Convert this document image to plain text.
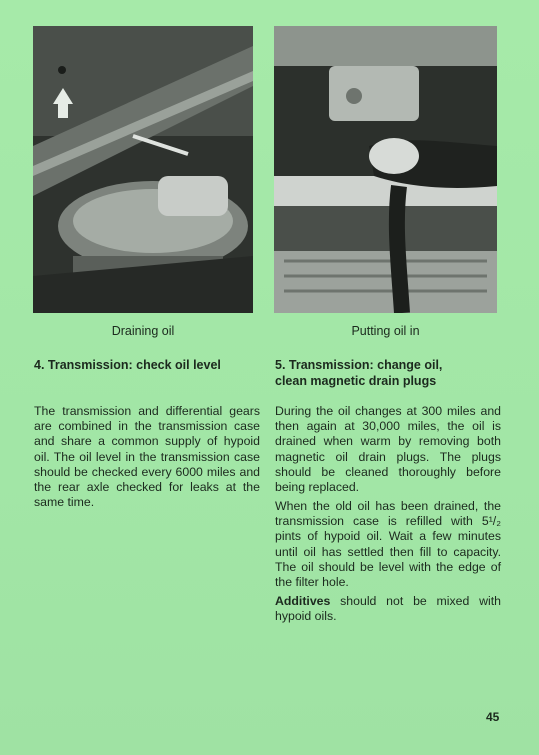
Draining oil	Putting oil in
4. Transmission: check oil level	5. Transmission: change oil,
clean magnetic drain plugs
The transmission and differential gears are combined in the transmission case and share a common supply of hypoid oil. The oil level in the transmission case should be checked every 6000 miles and the rear axle checked for leaks at the same time.
During the oil changes at 300 miles and then again at 30,000 miles, the oil is drained when warm by removing both magnetic oil drain plugs. The plugs should be cleaned thoroughly before being replaced.
When the old oil has been drained, the transmission case is refilled with 5¹/₂ pints of hypoid oil. Wait a few minutes until oil has settled then fill to capacity. The oil should be level with the edge of the filter hole.
Additives should not be mixed with hypoid oils.
45
